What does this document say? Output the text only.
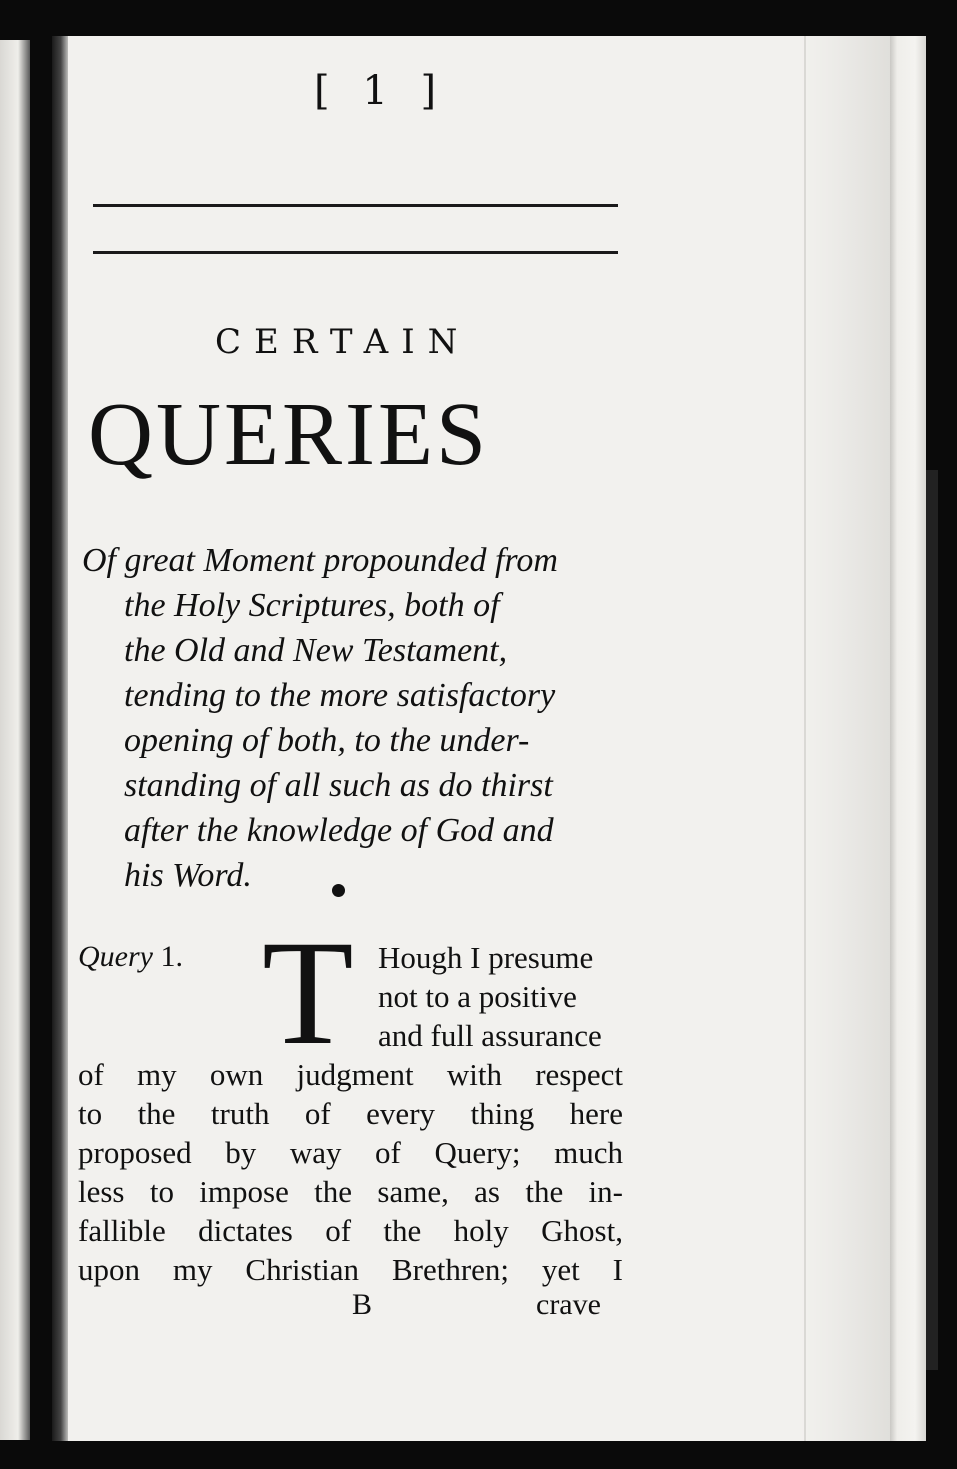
[ 1 ]
CERTAIN
QUERIES
Of great Moment propounded from
the Holy Scriptures, both of
the Old and New Testament,
tending to the more satisfactory
opening of both, to the under-
standing of all such as do thirst
after the knowledge of God and
his Word.
Query 1. T Hough I presume
not to a positive
and full assurance
of my own judgment with respect
to the truth of every thing here
proposed by way of Query; much
less to impose the same, as the in-
fallible dictates of the holy Ghost,
upon my Christian Brethren; yet I
B	crave
